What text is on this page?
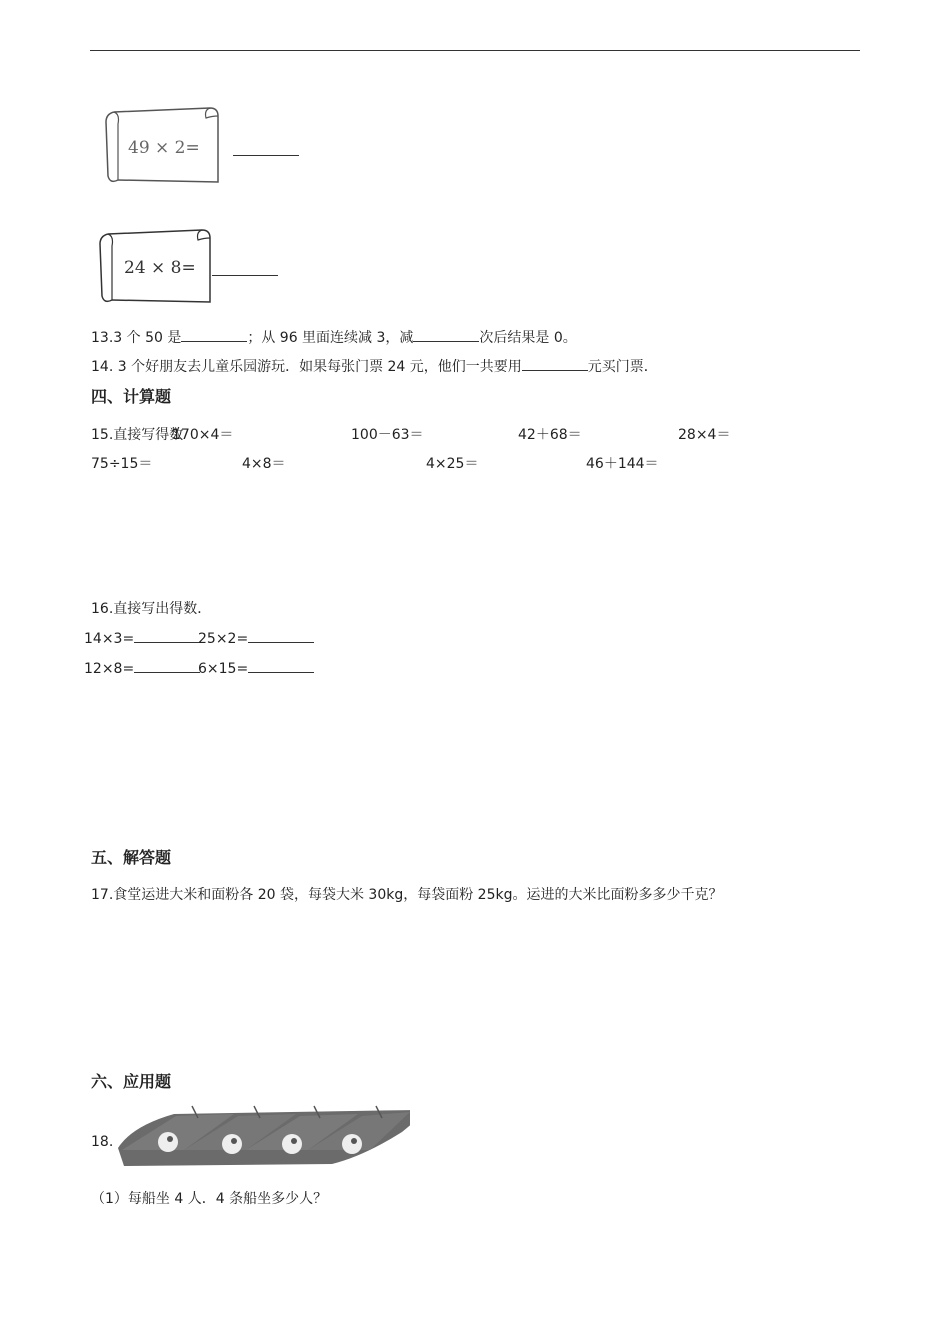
49 × 2=
24 × 8=
13.3 个 50 是	；从 96 里面连续减 3，减	次后结果是 0。
14. 3 个好朋友去儿童乐园游玩．如果每张门票 24 元，他们一共要用	元买门票．
四、计算题
15.直接写得数
170×4＝	100－63＝	42＋68＝	28×4＝
75÷15＝	4×8＝	4×25＝	46＋144＝
16.直接写出得数．
14×3=	25×2=
12×8=	6×15=
五、解答题
17.食堂运进大米和面粉各 20 袋，每袋大米 30kg，每袋面粉 25kg。运进的大米比面粉多多少千克？
六、应用题
18.
（1）每船坐 4 人．4 条船坐多少人？
